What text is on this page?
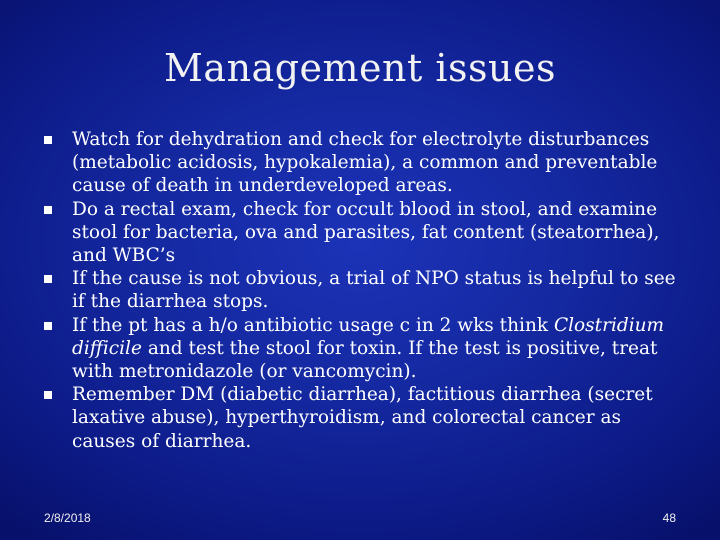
Management issues
Watch for dehydration and check for electrolyte disturbances (metabolic acidosis, hypokalemia), a common and preventable cause of death in underdeveloped areas.
Do a rectal exam, check for occult blood in stool, and examine stool for bacteria, ova and parasites, fat content (steatorrhea), and WBC’s
If the cause is not obvious, a trial of NPO status is helpful to see if the diarrhea stops.
If the pt has a h/o antibiotic usage c in 2 wks think Clostridium difficile and test the stool for toxin. If the test is positive, treat with metronidazole (or vancomycin).
Remember DM (diabetic diarrhea), factitious diarrhea (secret laxative abuse), hyperthyroidism, and colorectal cancer as causes of diarrhea.
2/8/2018	48
